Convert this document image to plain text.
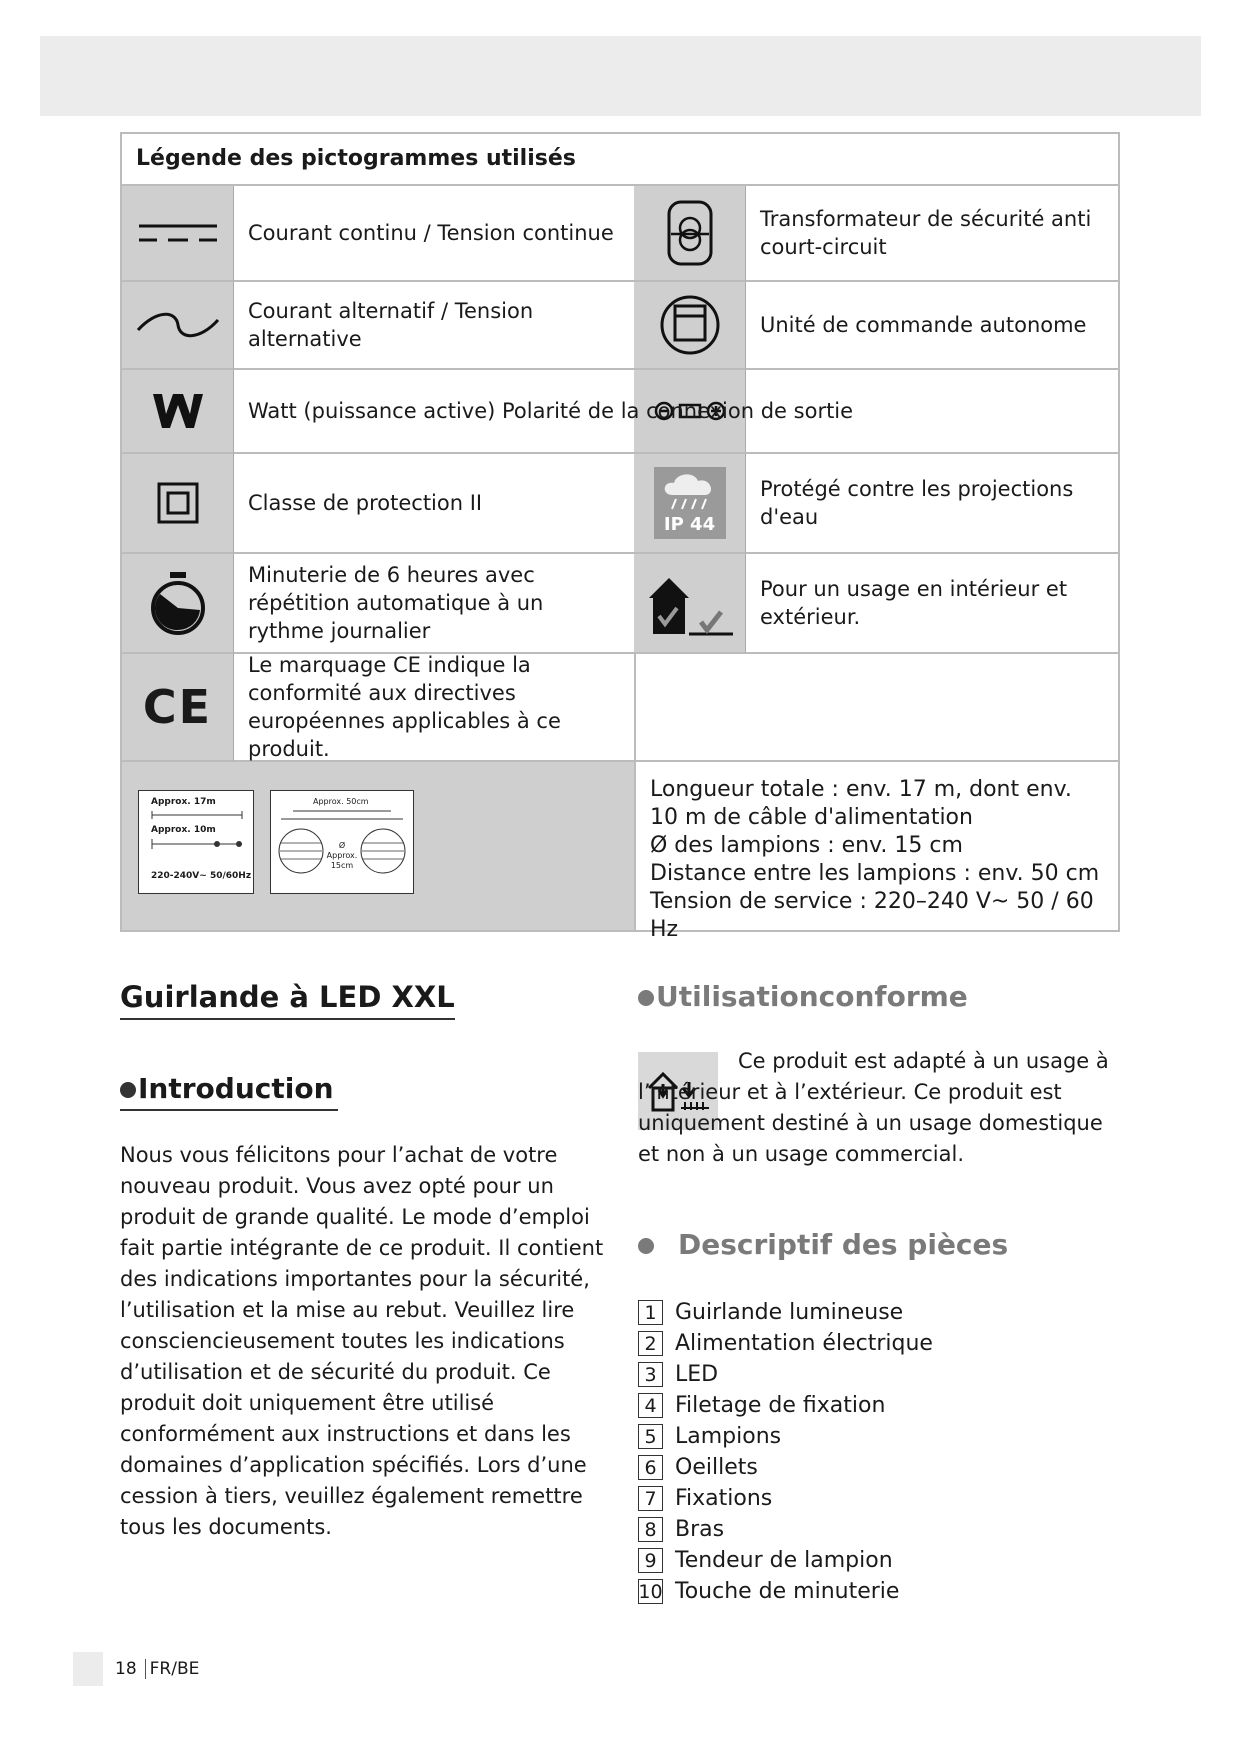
Légende des pictogrammes utilisés
Courant continu / Tension continue
Transformateur de sécurité anti court-circuit
Courant alternatif / Tension alternative
Unité de commande autonome
Watt (puissance active) Polarité de la connexion de sortie
Classe de protection II
IP 44
Protégé contre les projections d'eau
Minuterie de 6 heures avec répétition automatique à un rythme journalier
Pour un usage en intérieur et extérieur.
CE
Le marquage CE indique la conformité aux directives européennes applicables à ce produit.
Approx. 17m
Approx. 10m
220-240V~ 50/60Hz
Approx. 50cm
Ø Approx. 15cm
Longueur totale : env. 17 m, dont env. 10 m de câble d'alimentation
Ø des lampions : env. 15 cm
Distance entre les lampions : env. 50 cm
Tension de service : 220–240 V~ 50 / 60 Hz
Guirlande à LED XXL
Introduction
Nous vous félicitons pour l’achat de votre nouveau produit. Vous avez opté pour un produit de grande qualité. Le mode d’emploi fait partie intégrante de ce produit. Il contient des indications importantes pour la sécurité, l’utilisation et la mise au rebut. Veuillez lire consciencieusement toutes les indications d’utilisation et de sécurité du produit. Ce produit doit uniquement être utilisé conformément aux instructions et dans les domaines d’application spécifiés. Lors d’une cession à tiers, veuillez également remettre tous les documents.
Utilisationconforme
Ce produit est adapté à un usage à l’intérieur et à l’extérieur. Ce produit est uniquement destiné à un usage domestique et non à un usage commercial.
Descriptif des pièces
1 Guirlande lumineuse
2 Alimentation électrique
3 LED
4 Filetage de fixation
5 Lampions
6 Oeillets
7 Fixations
8 Bras
9 Tendeur de lampion
10 Touche de minuterie
18 FR/BE
